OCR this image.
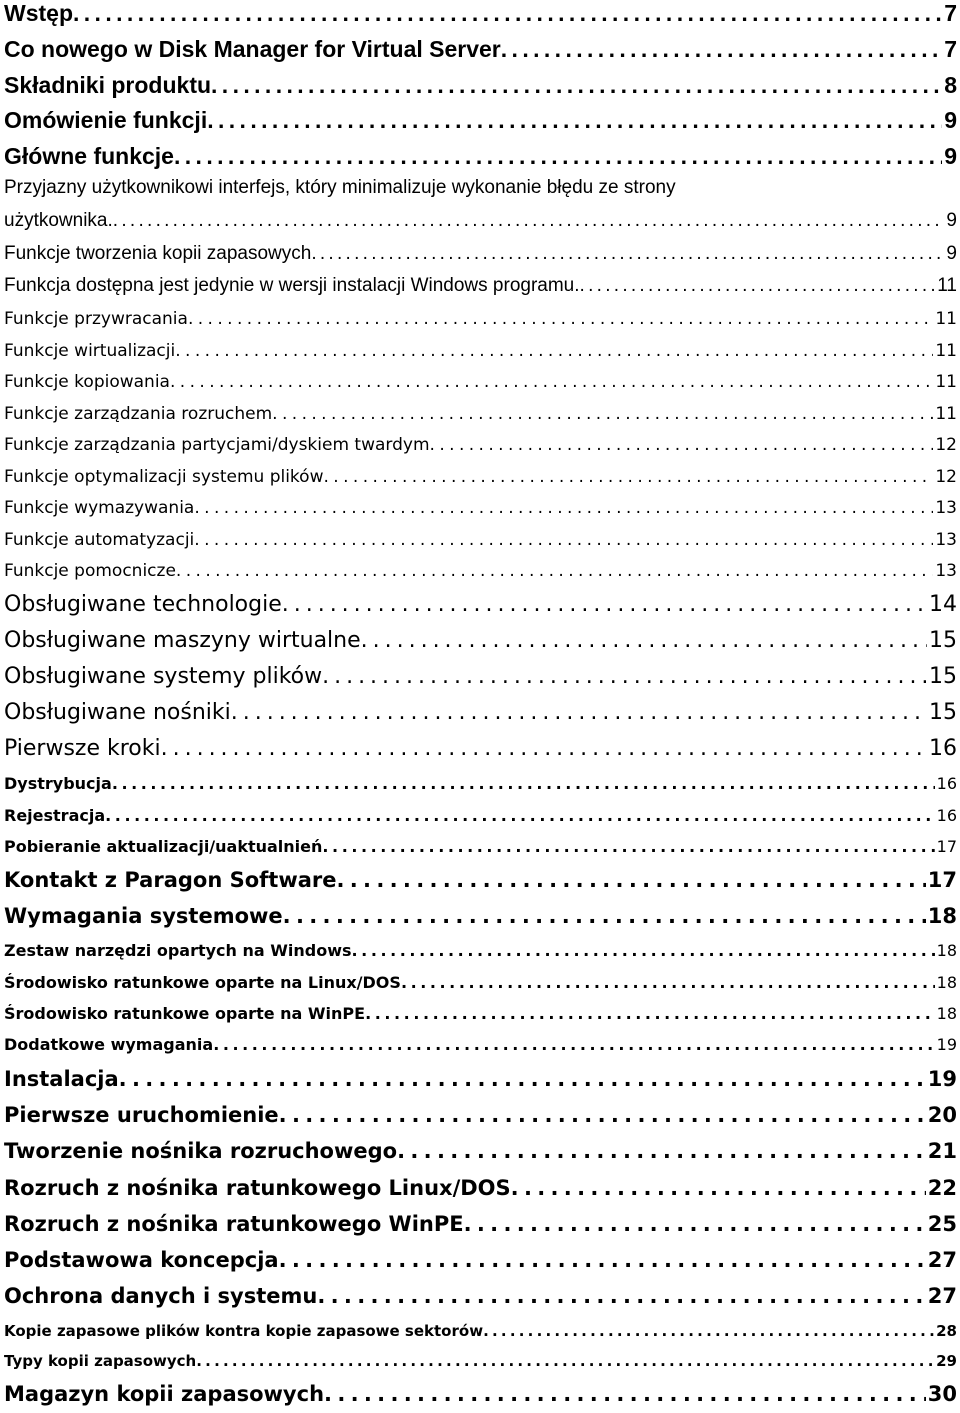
Wstęp . . .	7
Co nowego w Disk Manager for Virtual Server . . .	7
Składniki produktu . . .	8
Omówienie funkcji . . .	9
Główne funkcje . . .	9
Przyjazny użytkownikowi interfejs, który minimalizuje wykonanie błędu ze strony
użytkownika. . . .	9
Funkcje tworzenia kopii zapasowych . . .	9
Funkcja dostępna jest jedynie w wersji instalacji Windows programu. . . .	11
Funkcje przywracania . . .	11
Funkcje wirtualizacji . . .	11
Funkcje kopiowania . . .	11
Funkcje zarządzania rozruchem . . .	11
Funkcje zarządzania partycjami/dyskiem twardym . . .	12
Funkcje optymalizacji systemu plików . . .	12
Funkcje wymazywania . . .	13
Funkcje automatyzacji . . .	13
Funkcje pomocnicze . . .	13
Obsługiwane technologie . . .	14
Obsługiwane maszyny wirtualne . . .	15
Obsługiwane systemy plików . . .	15
Obsługiwane nośniki . . .	15
Pierwsze kroki . . .	16
Dystrybucja . . .	16
Rejestracja . . .	16
Pobieranie aktualizacji/uaktualnień . . .	17
Kontakt z Paragon Software . . .	17
Wymagania systemowe . . .	18
Zestaw narzędzi opartych na Windows . . .	18
Środowisko ratunkowe oparte na Linux/DOS . . .	18
Środowisko ratunkowe oparte na WinPE . . .	18
Dodatkowe wymagania . . .	19
Instalacja . . .	19
Pierwsze uruchomienie . . .	20
Tworzenie nośnika rozruchowego . . .	21
Rozruch z nośnika ratunkowego Linux/DOS . . .	22
Rozruch z nośnika ratunkowego WinPE . . .	25
Podstawowa koncepcja . . .	27
Ochrona danych i systemu . . .	27
Kopie zapasowe plików kontra kopie zapasowe sektorów . . .	28
Typy kopii zapasowych . . .	29
Magazyn kopii zapasowych . . .	30
